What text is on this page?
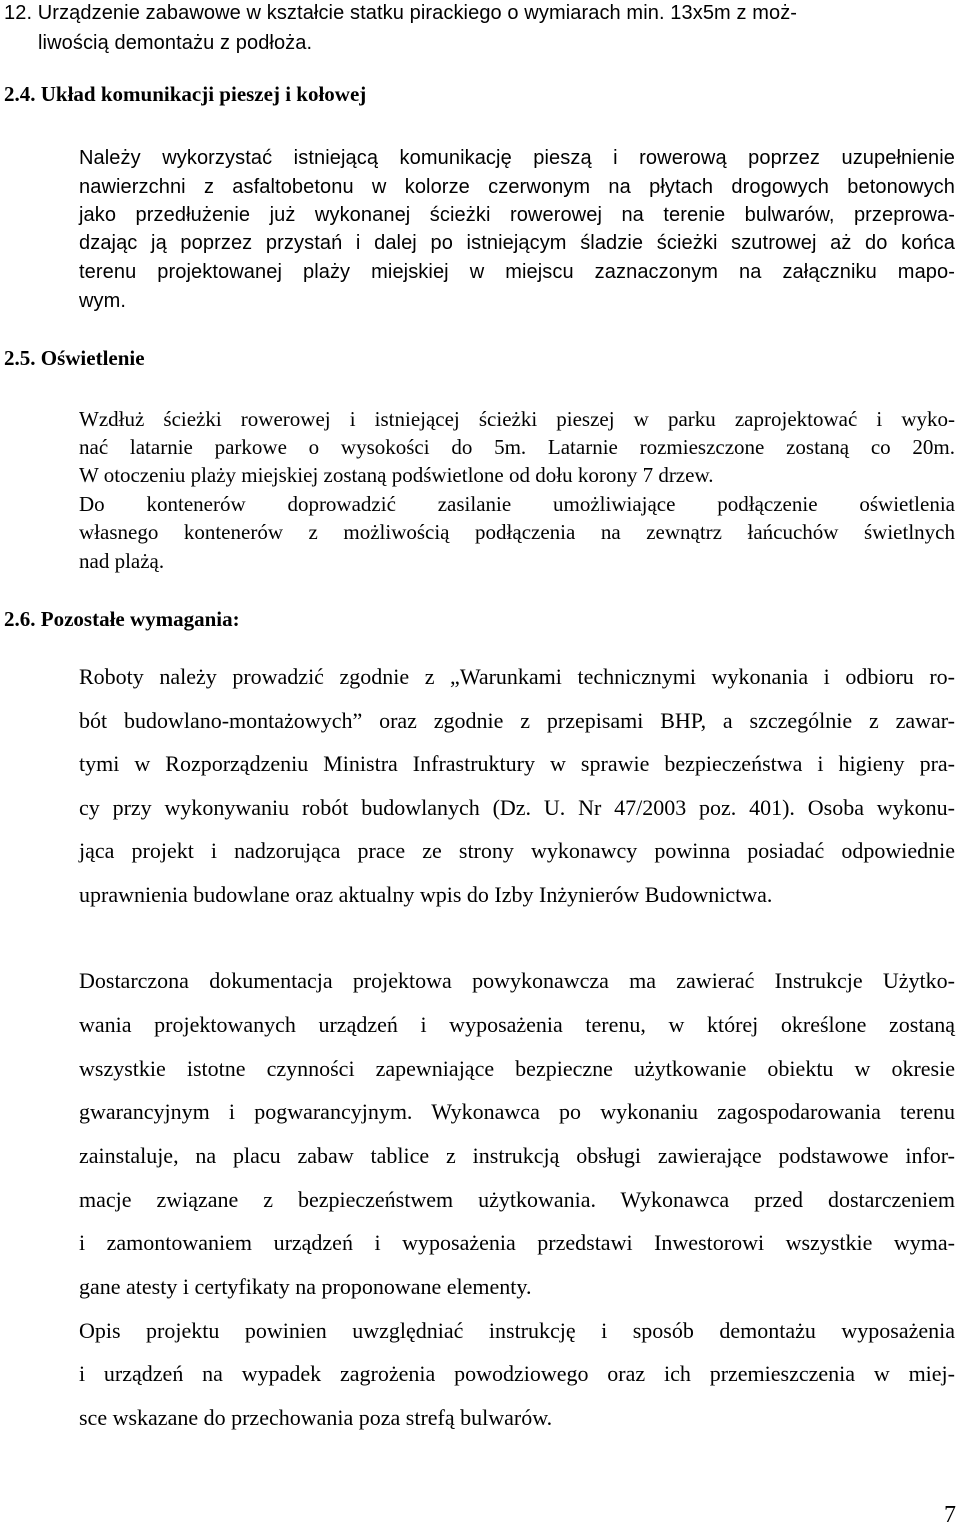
12. Urządzenie zabawowe w kształcie statku pirackiego o wymiarach min. 13x5m z moż-
liwością demontażu z podłoża.
2.4. Układ komunikacji pieszej i kołowej
Należy wykorzystać istniejącą komunikację pieszą i rowerową poprzez uzupełnienie
nawierzchni z asfaltobetonu w kolorze czerwonym na płytach drogowych betonowych
jako przedłużenie już wykonanej ścieżki rowerowej na terenie bulwarów, przeprowa-
dzając ją poprzez przystań i dalej po istniejącym śladzie ścieżki szutrowej aż do końca
terenu projektowanej plaży miejskiej w miejscu zaznaczonym na załączniku mapo-
wym.
2.5. Oświetlenie
Wzdłuż ścieżki rowerowej i istniejącej ścieżki pieszej w parku zaprojektować i wyko-
nać latarnie parkowe o wysokości do 5m. Latarnie rozmieszczone zostaną co 20m.
W otoczeniu plaży miejskiej zostaną podświetlone od dołu korony 7 drzew.
Do kontenerów doprowadzić zasilanie umożliwiające podłączenie oświetlenia
własnego kontenerów z możliwością podłączenia na zewnątrz łańcuchów świetlnych
nad plażą.
2.6. Pozostałe wymagania:
Roboty należy prowadzić zgodnie z „Warunkami technicznymi wykonania i odbioru ro-
bót budowlano-montażowych” oraz zgodnie z przepisami BHP, a szczególnie z zawar-
tymi w Rozporządzeniu Ministra Infrastruktury w sprawie bezpieczeństwa i higieny pra-
cy przy wykonywaniu robót budowlanych (Dz. U. Nr 47/2003 poz. 401). Osoba wykonu-
jąca projekt i nadzorująca prace ze strony wykonawcy powinna posiadać odpowiednie
uprawnienia budowlane oraz aktualny wpis do Izby Inżynierów Budownictwa.
Dostarczona dokumentacja projektowa powykonawcza ma zawierać Instrukcje Użytko-
wania projektowanych urządzeń i wyposażenia terenu, w której określone zostaną
wszystkie istotne czynności zapewniające bezpieczne użytkowanie obiektu w okresie
gwarancyjnym i pogwarancyjnym. Wykonawca po wykonaniu zagospodarowania terenu
zainstaluje, na placu zabaw tablice z instrukcją obsługi zawierające podstawowe infor-
macje związane z bezpieczeństwem użytkowania. Wykonawca przed dostarczeniem
i zamontowaniem urządzeń i wyposażenia przedstawi Inwestorowi wszystkie wyma-
gane atesty i certyfikaty na proponowane elementy.
Opis projektu powinien uwzględniać instrukcję i sposób demontażu wyposażenia
i urządzeń na wypadek zagrożenia powodziowego oraz ich przemieszczenia w miej-
sce wskazane do przechowania poza strefą bulwarów.
7
